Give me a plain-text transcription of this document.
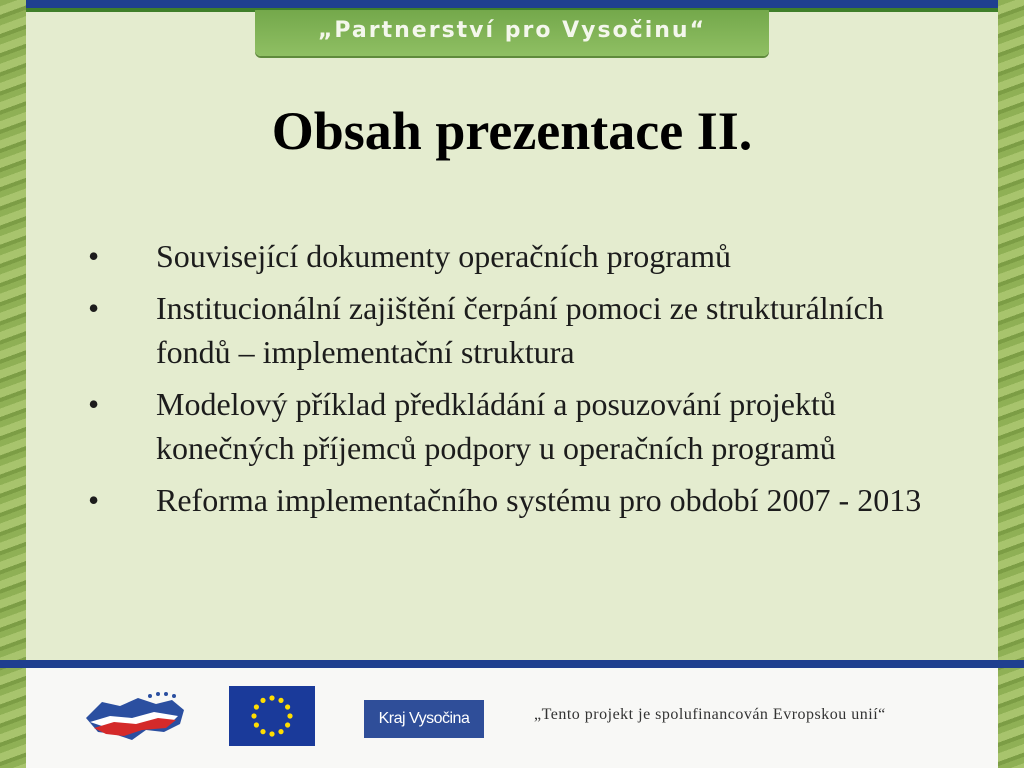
„Partnerství pro Vysočinu“
Obsah prezentace II.
• Související dokumenty operačních programů
• Institucionální zajištění čerpání pomoci ze strukturálních fondů – implementační struktura
• Modelový příklad předkládání a posuzování projektů konečných příjemců podpory u operačních programů
• Reforma implementačního systému pro období 2007 - 2013
Kraj Vysočina	„Tento projekt je spolufinancován Evropskou unií“
